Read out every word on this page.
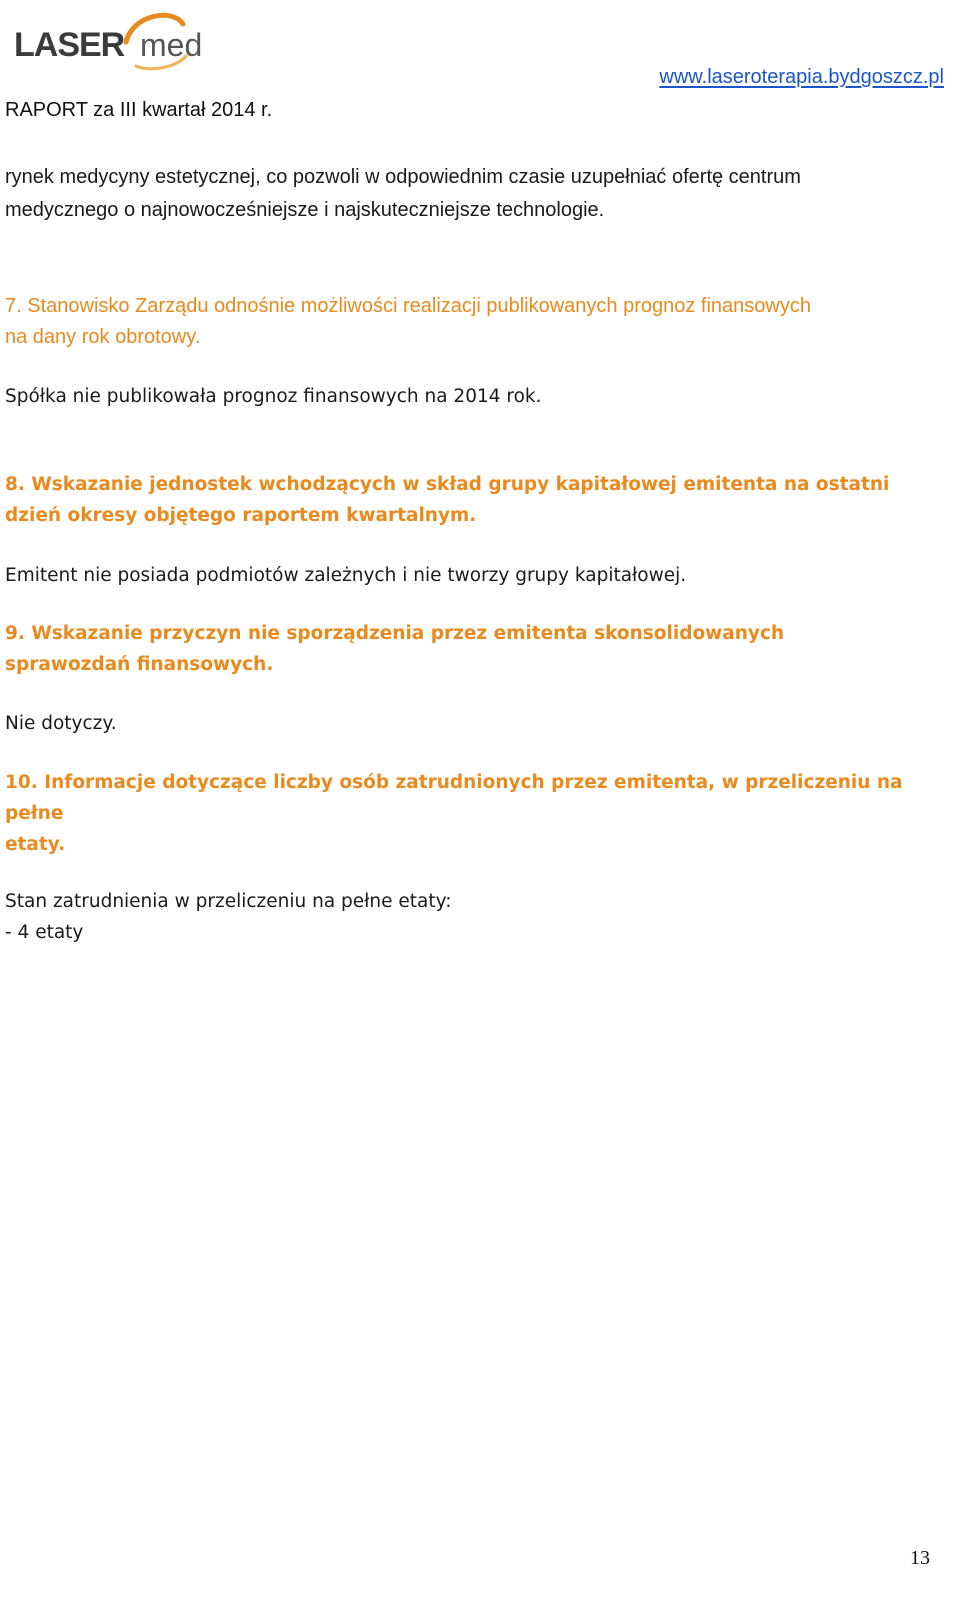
LASER med
www.laseroterapia.bydgoszcz.pl
RAPORT za III kwartał 2014 r.
rynek medycyny estetycznej, co pozwoli w odpowiednim czasie uzupełniać ofertę centrum
medycznego o najnowocześniejsze i najskuteczniejsze technologie.
7. Stanowisko Zarządu odnośnie możliwości realizacji publikowanych prognoz finansowych
na dany rok obrotowy.
Spółka nie publikowała prognoz finansowych na 2014 rok.
8. Wskazanie jednostek wchodzących w skład grupy kapitałowej emitenta na ostatni
dzień okresy objętego raportem kwartalnym.
Emitent nie posiada podmiotów zależnych i nie tworzy grupy kapitałowej.
9. Wskazanie przyczyn nie sporządzenia przez emitenta skonsolidowanych
sprawozdań finansowych.
Nie dotyczy.
10. Informacje dotyczące liczby osób zatrudnionych przez emitenta, w przeliczeniu na
pełne
etaty.
Stan zatrudnienia w przeliczeniu na pełne etaty:
- 4 etaty
13
